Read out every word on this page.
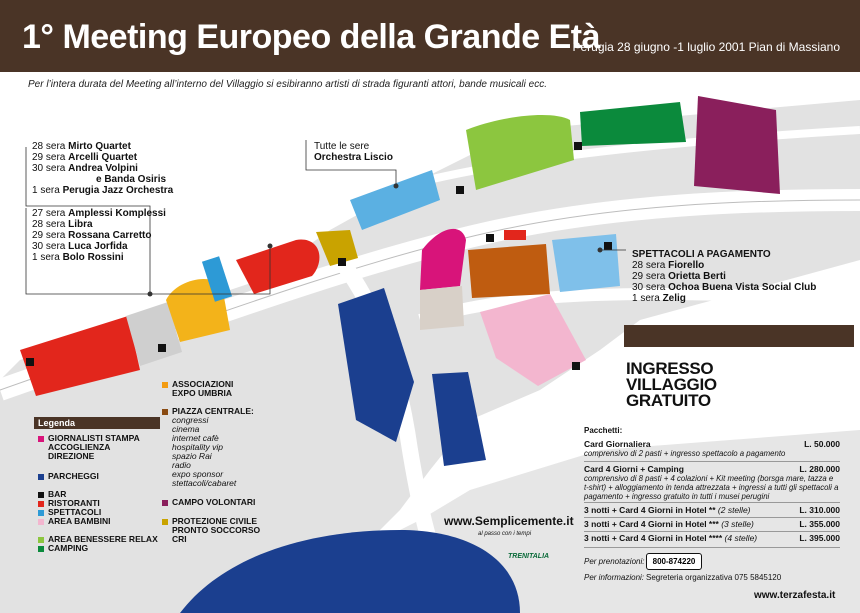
1° Meeting Europeo della Grande Età
Perugia 28 giugno -1 luglio 2001 Pian di Massiano
Per l’intera durata del Meeting all’interno del Villaggio si esibiranno artisti di strada figuranti attori, bande musicali ecc.
28 sera Mirto Quartet
29 sera Arcelli Quartet
30 sera Andrea Volpini
e Banda Osiris
1 sera Perugia Jazz Orchestra
27 sera Amplessi Komplessi
28 sera Libra
29 sera Rossana Carretto
30 sera Luca Jorfida
1 sera Bolo Rossini
Tutte le sere
Orchestra Liscio
SPETTACOLI A PAGAMENTO
28 sera Fiorello
29 sera Orietta Berti
30 sera Ochoa Buena Vista Social Club
1 sera Zelig
INGRESSO
VILLAGGIO
GRATUITO
Legenda
GIORNALISTI STAMPA
ACCOGLIENZA
DIREZIONE
PARCHEGGI
BAR
RISTORANTI
SPETTACOLI
AREA BAMBINI
AREA BENESSERE RELAX
CAMPING
ASSOCIAZIONI
EXPO UMBRIA
PIAZZA CENTRALE:
congressi
cinema
internet cafè
hospitality vip
spazio Rai
radio
expo sponsor
stettacoli/cabaret
CAMPO VOLONTARI
PROTEZIONE CIVILE
PRONTO SOCCORSO
CRI
Pacchetti:
Card Giornaliera	L. 50.000
comprensivo di 2 pasti + ingresso spettacolo a pagamento
Card 4 Giorni + Camping	L. 280.000
comprensivo di 8 pasti + 4 colazioni + Kit meeting (borsga mare, tazza e t-shirt) + alloggiamento in tenda attrezzata + ingressi a tutti gli spettacoli a pagamento + ingresso gratuito in tutti i musei perugini
3 notti + Card 4 Giorni in Hotel ** (2 stelle)	L. 310.000
3 notti + Card 4 Giorni in Hotel *** (3 stelle)	L. 355.000
3 notti + Card 4 Giorni in Hotel **** (4 stelle)	L. 395.000
Per prenotazioni:	800-874220
Per informazioni: Segreteria organizzativa 075 5845120
www.terzafesta.it
www.Semplicemente.it
al passo con i tempi
TRENITALIA
